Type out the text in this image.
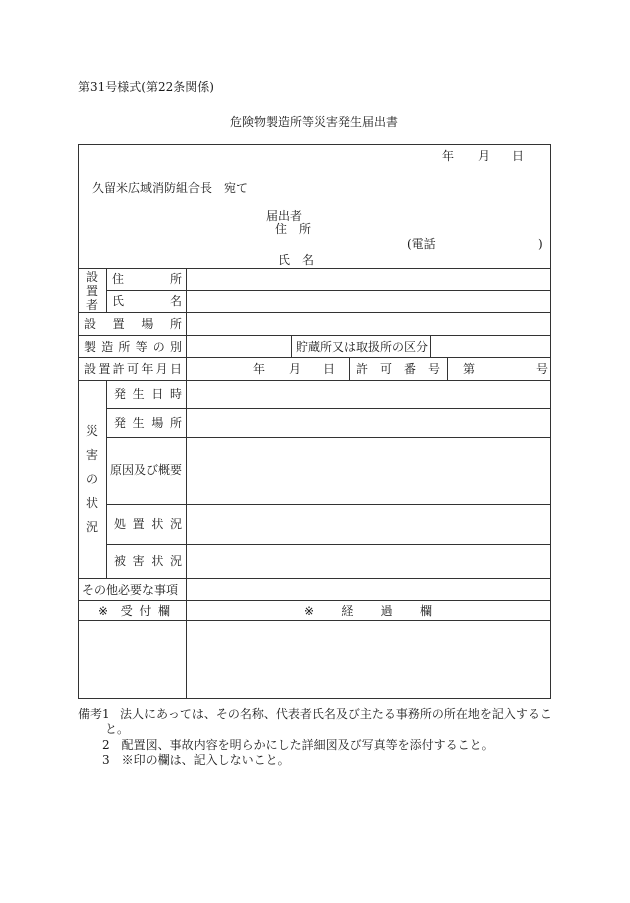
第31号様式(第22条関係)
危険物製造所等災害発生届出書
年 月 日
久留米広域消防組合長　宛て
届出者
住　所
(電話	)
氏　名
設
置
者
住	所
氏	名
設 置 場 所
製 造 所 等 の 別	貯蔵所又は取扱所の区分
設 置 許 可 年 月 日	年 月 日 許 可 番 号 第	号
災
害
の
状
況
発 生 日 時
発 生 場 所
原因及び概要
処 置 状 況
被 害 状 況
その他必要な事項
※ 受 付 欄	※ 経 過 欄
備考1 法人にあっては、その名称、代表者氏名及び主たる事務所の所在地を記入するこ
と。
2　配置図、事故内容を明らかにした詳細図及び写真等を添付すること。
3　※印の欄は、記入しないこと。
